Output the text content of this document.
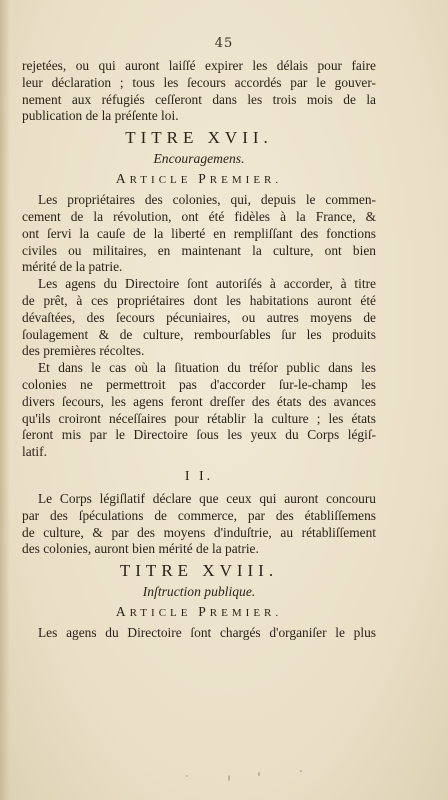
45
rejetées, ou qui auront laiſſé expirer les délais pour faire
leur déclaration ; tous les ſecours accordés par le gouver-
nement aux réfugiés ceſſeront dans les trois mois de la
publication de la préſente loi.
TITRE XVII.
Encouragemens.
ARTICLE PREMIER.
Les propriétaires des colonies, qui, depuis le commen-
cement de la révolution, ont été fidèles à la France, &
ont ſervi la cauſe de la liberté en rempliſſant des fonctions
civiles ou militaires, en maintenant la culture, ont bien
mérité de la patrie.
Les agens du Directoire ſont autoriſés à accorder, à titre
de prêt, à ces propriétaires dont les habitations auront été
dévaſtées, des ſecours pécuniaires, ou autres moyens de
ſoulagement & de culture, rembourſables ſur les produits
des premières récoltes.
Et dans le cas où la ſituation du tréſor public dans les
colonies ne permettroit pas d'accorder ſur-le-champ les
divers ſecours, les agens feront dreſſer des états des avances
qu'ils croiront néceſſaires pour rétablir la culture ; les états
ſeront mis par le Directoire ſous les yeux du Corps légiſ-
latif.
I I.
Le Corps légiſlatif déclare que ceux qui auront concouru
par des ſpéculations de commerce, par des établiſſemens
de culture, & par des moyens d'induſtrie, au rétabliſſement
des colonies, auront bien mérité de la patrie.
TITRE XVIII.
Inſtruction publique.
ARTICLE PREMIER.
Les agens du Directoire ſont chargés d'organiſer le plus
